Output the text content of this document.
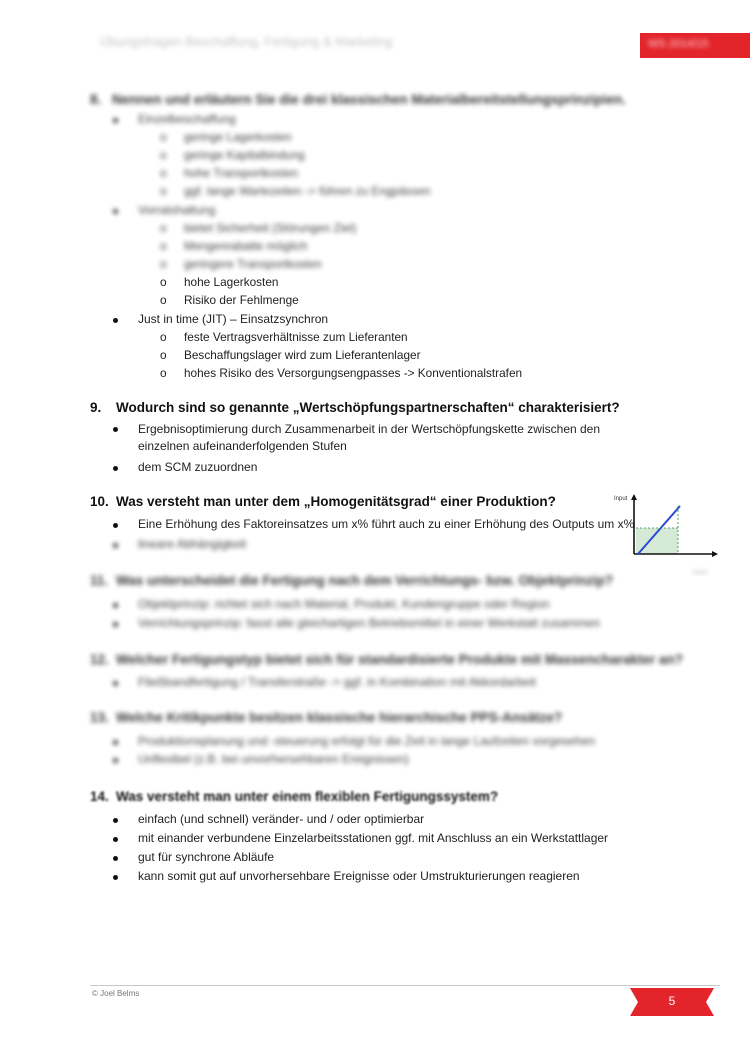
Übungsfragen Beschaffung, Fertigung & Marketing	WS 2014/15
8. Nennen und erläutern Sie die drei klassischen Materialbereitstellungsprinzipien.
Einzelbeschaffung
o geringe Lagerkosten
o geringe Kapitalbindung
o hohe Transportkosten
o ggf. lange Wartezeiten -> führen zu Engpässen
Vorratshaltung
o bietet Sicherheit (Störungen Ziel)
o Mengenrabatte möglich
o geringere Transportkosten
o hohe Lagerkosten
o Risiko der Fehlmenge
Just in time (JIT) – Einsatzsynchron
o feste Vertragsverhältnisse zum Lieferanten
o Beschaffungslager wird zum Lieferantenlager
o hohes Risiko des Versorgungsengpasses -> Konventionalstrafen
9. Wodurch sind so genannte „Wertschöpfungspartnerschaften“ charakterisiert?
Ergebnisoptimierung durch Zusammenarbeit in der Wertschöpfungskette zwischen den einzelnen aufeinanderfolgenden Stufen
dem SCM zuzuordnen
10. Was versteht man unter dem „Homogenitätsgrad“ einer Produktion?
Eine Erhöhung des Faktoreinsatzes um x% führt auch zu einer Erhöhung des Outputs um x%
lineare Abhängigkeit
Input
Output
11. Was unterscheidet die Fertigung nach dem Verrichtungs- bzw. Objektprinzip?
Objektprinzip: richtet sich nach Material, Produkt, Kundengruppe oder Region
Verrichtungsprinzip: fasst alle gleichartigen Betriebsmittel in einer Werkstatt zusammen
12. Welcher Fertigungstyp bietet sich für standardisierte Produkte mit Massencharakter an?
Fließbandfertigung / Transferstraße -> ggf. in Kombination mit Akkordarbeit
13. Welche Kritikpunkte besitzen klassische hierarchische PPS-Ansätze?
Produktionsplanung und -steuerung erfolgt für die Zeit in lange Laufzeiten vorgesehen
Unflexibel (z.B. bei unvorhersehbaren Ereignissen)
14. Was versteht man unter einem flexiblen Fertigungssystem?
einfach (und schnell) veränder- und / oder optimierbar
mit einander verbundene Einzelarbeitsstationen ggf. mit Anschluss an ein Werkstattlager
gut für synchrone Abläufe
kann somit gut auf unvorhersehbare Ereignisse oder Umstrukturierungen reagieren
© Joel Belms
5
